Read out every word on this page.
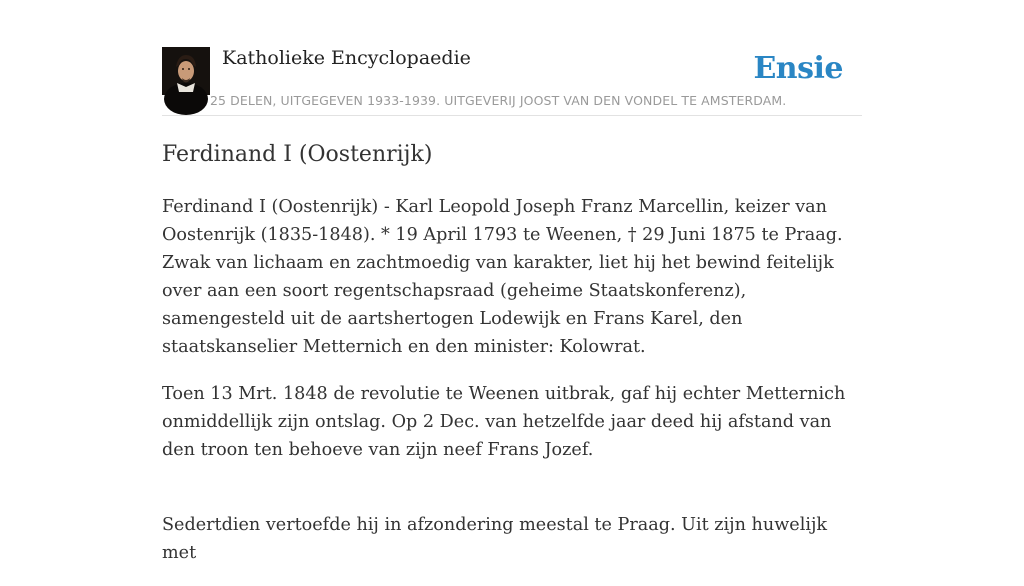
Katholieke Encyclopaedie	Ensie
25 DELEN, UITGEGEVEN 1933-1939. UITGEVERIJ JOOST VAN DEN VONDEL TE AMSTERDAM.
Ferdinand I (Oostenrijk)

Ferdinand I (Oostenrijk) - Karl Leopold Joseph Franz Marcellin, keizer van Oostenrijk (1835-1848). * 19 April 1793 te Weenen, † 29 Juni 1875 te Praag. Zwak van lichaam en zachtmoedig van karakter, liet hij het bewind feitelijk over aan een soort regentschapsraad (geheime Staatskonferenz), samengesteld uit de aartshertogen Lodewijk en Frans Karel, den staatskanselier Metternich en den minister: Kolowrat.

Toen 13 Mrt. 1848 de revolutie te Weenen uitbrak, gaf hij echter Metternich onmiddellijk zijn ontslag. Op 2 Dec. van hetzelfde jaar deed hij afstand van den troon ten behoeve van zijn neef Frans Jozef.

Sedertdien vertoefde hij in afzondering meestal te Praag. Uit zijn huwelijk met
